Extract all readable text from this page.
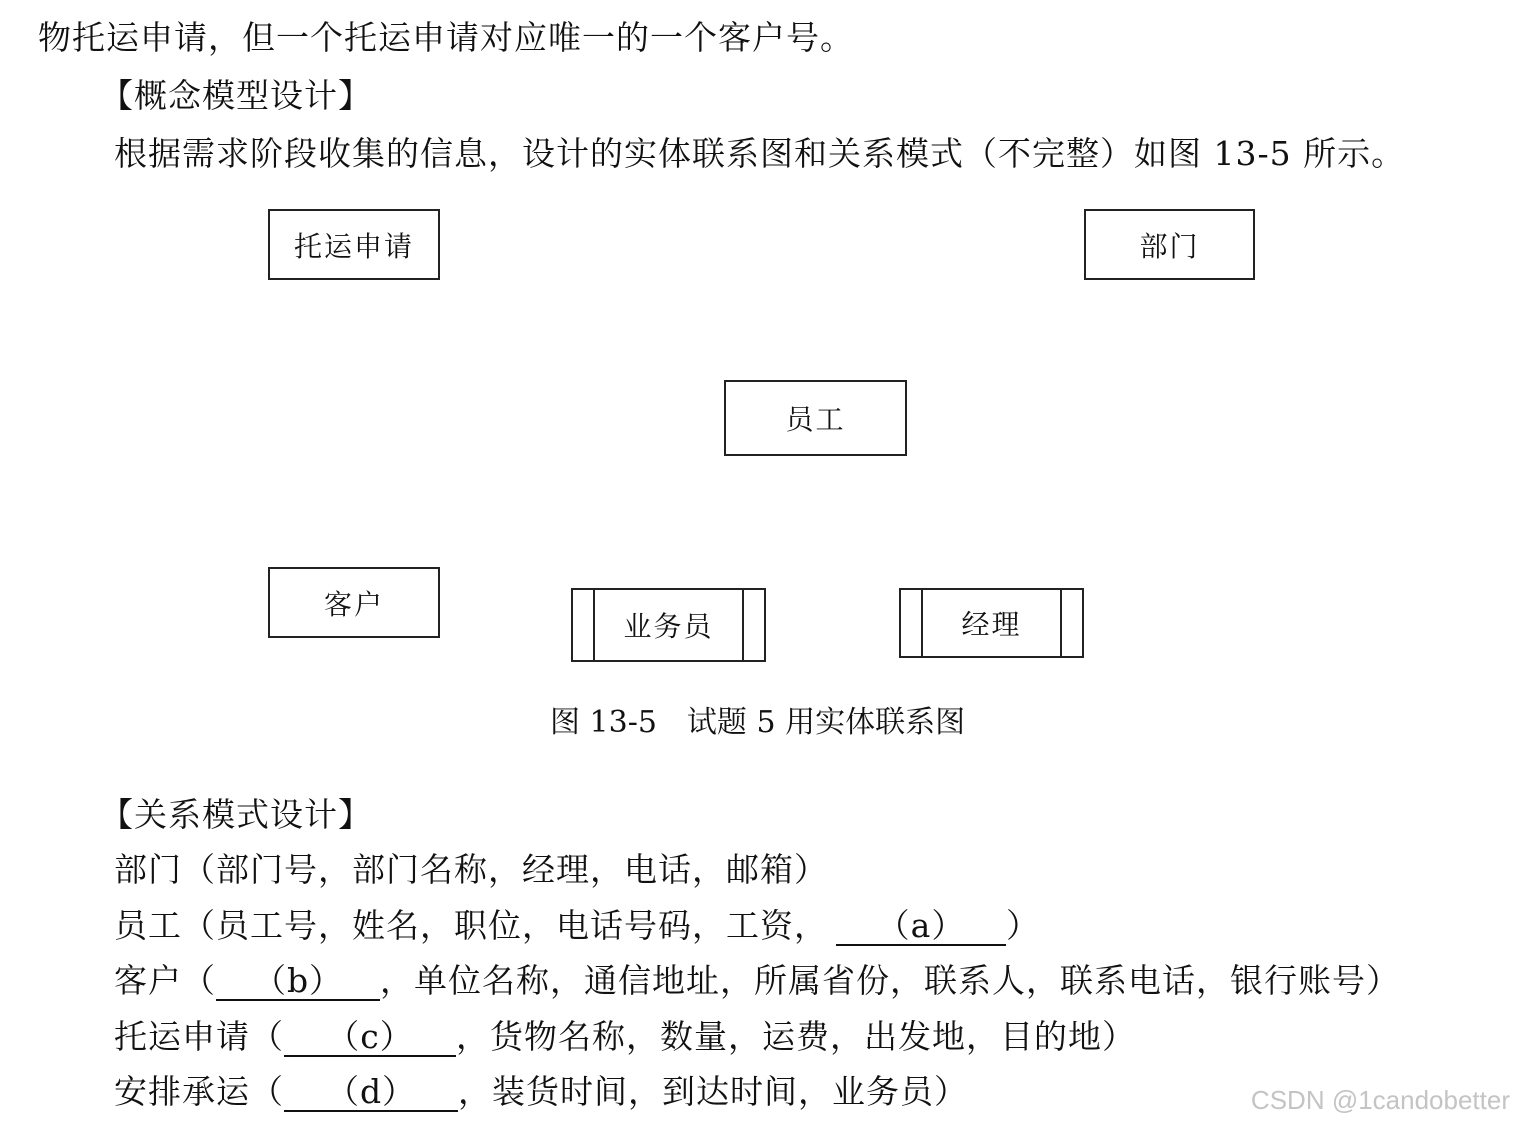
物托运申请，但一个托运申请对应唯一的一个客户号。
【概念模型设计】
根据需求阶段收集的信息，设计的实体联系图和关系模式（不完整）如图 13-5 所示。
托运申请	部门
员工
客户
业务员	经理
图 13-5　试题 5 用实体联系图
【关系模式设计】
部门（部门号，部门名称，经理，电话，邮箱）
员工（员工号，姓名，职位，电话号码，工资， （a） ）
客户（ （b） ，单位名称，通信地址，所属省份，联系人，联系电话，银行账号）
托运申请（ （c） ，货物名称，数量，运费，出发地，目的地）
安排承运（ （d） ，装货时间，到达时间，业务员）	CSDN @1candobetter
